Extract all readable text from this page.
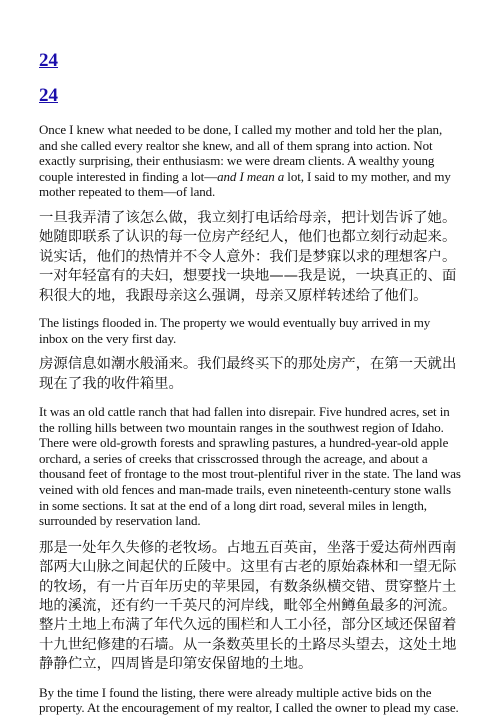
24
24

Once I knew what needed to be done, I called my mother and told her the plan, and she called every realtor she knew, and all of them sprang into action. Not exactly surprising, their enthusiasm: we were dream clients. A wealthy young couple interested in finding a lot—and I mean a lot, I said to my mother, and my mother repeated to them—of land.

一旦我弄清了该怎么做，我立刻打电话给母亲，把计划告诉了她。她随即联系了认识的每一位房产经纪人，他们也都立刻行动起来。说实话，他们的热情并不令人意外：我们是梦寐以求的理想客户。一对年轻富有的夫妇，想要找一块地——我是说，一块真正的、面积很大的地，我跟母亲这么强调，母亲又原样转述给了他们。

The listings flooded in. The property we would eventually buy arrived in my inbox on the very first day.

房源信息如潮水般涌来。我们最终买下的那处房产，在第一天就出现在了我的收件箱里。

It was an old cattle ranch that had fallen into disrepair. Five hundred acres, set in the rolling hills between two mountain ranges in the southwest region of Idaho. There were old-growth forests and sprawling pastures, a hundred-year-old apple orchard, a series of creeks that crisscrossed through the acreage, and about a thousand feet of frontage to the most trout-plentiful river in the state. The land was veined with old fences and man-made trails, even nineteenth-century stone walls in some sections. It sat at the end of a long dirt road, several miles in length, surrounded by reservation land.

那是一处年久失修的老牧场。占地五百英亩，坐落于爱达荷州西南部两大山脉之间起伏的丘陵中。这里有古老的原始森林和一望无际的牧场，有一片百年历史的苹果园，有数条纵横交错、贯穿整片土地的溪流，还有约一千英尺的河岸线，毗邻全州鳟鱼最多的河流。整片土地上布满了年代久远的围栏和人工小径，部分区域还保留着十九世纪修建的石墙。从一条数英里长的土路尽头望去，这处土地静静伫立，四周皆是印第安保留地的土地。

By the time I found the listing, there were already multiple active bids on the property. At the encouragement of my realtor, I called the owner to plead my case.
